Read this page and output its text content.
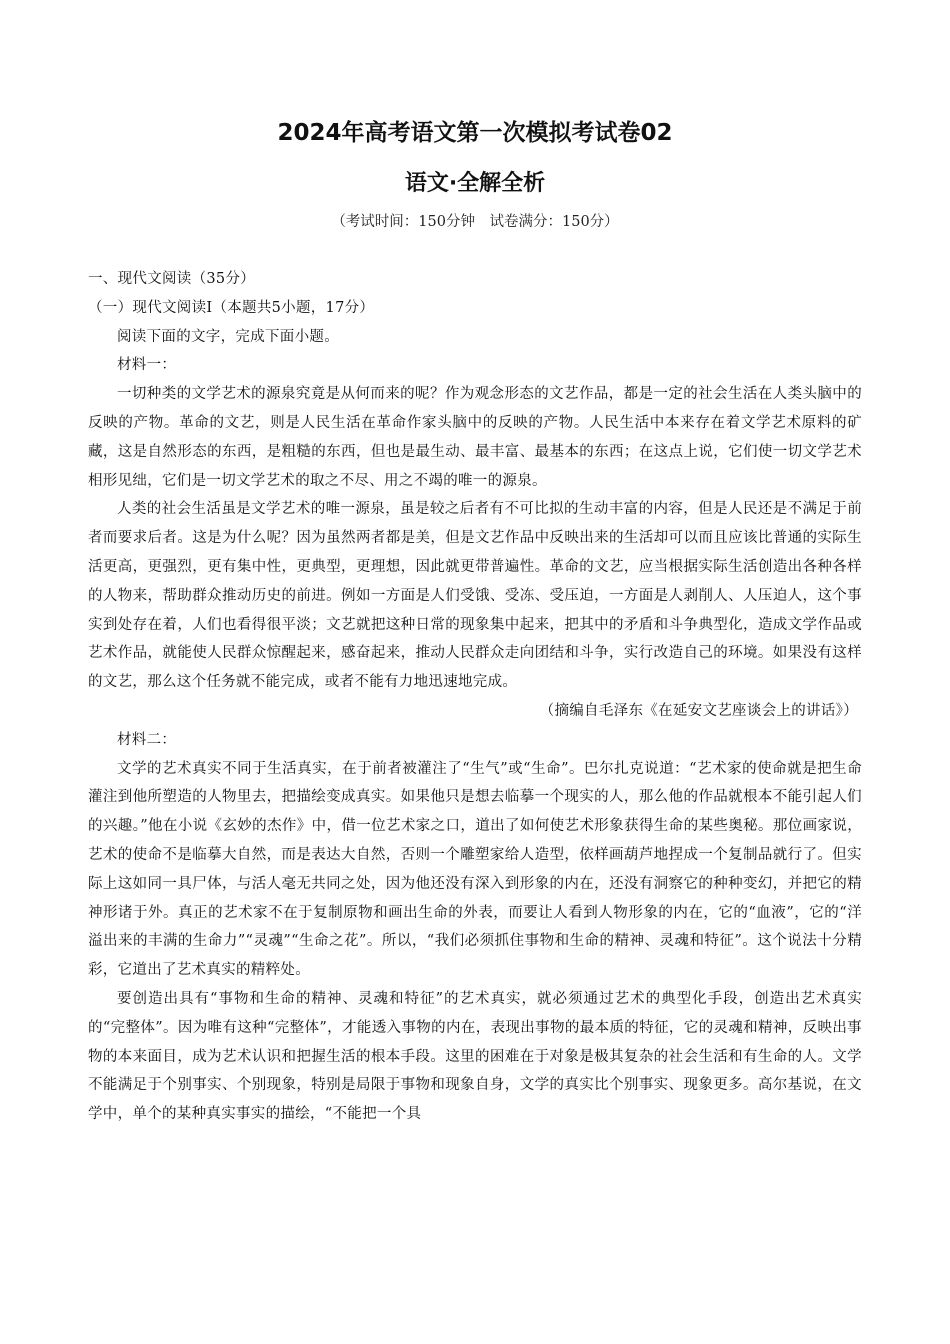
2024年高考语文第一次模拟考试卷02
语文·全解全析
（考试时间：150分钟　试卷满分：150分）

一、现代文阅读（35分）

（一）现代文阅读Ⅰ（本题共5小题，17分）

阅读下面的文字，完成下面小题。

材料一：

一切种类的文学艺术的源泉究竟是从何而来的呢？作为观念形态的文艺作品，都是一定的社会生活在人类头脑中的反映的产物。革命的文艺，则是人民生活在革命作家头脑中的反映的产物。人民生活中本来存在着文学艺术原料的矿藏，这是自然形态的东西，是粗糙的东西，但也是最生动、最丰富、最基本的东西；在这点上说，它们使一切文学艺术相形见绌，它们是一切文学艺术的取之不尽、用之不竭的唯一的源泉。

人类的社会生活虽是文学艺术的唯一源泉，虽是较之后者有不可比拟的生动丰富的内容，但是人民还是不满足于前者而要求后者。这是为什么呢？因为虽然两者都是美，但是文艺作品中反映出来的生活却可以而且应该比普通的实际生活更高，更强烈，更有集中性，更典型，更理想，因此就更带普遍性。革命的文艺，应当根据实际生活创造出各种各样的人物来，帮助群众推动历史的前进。例如一方面是人们受饿、受冻、受压迫，一方面是人剥削人、人压迫人，这个事实到处存在着，人们也看得很平淡；文艺就把这种日常的现象集中起来，把其中的矛盾和斗争典型化，造成文学作品或艺术作品，就能使人民群众惊醒起来，感奋起来，推动人民群众走向团结和斗争，实行改造自己的环境。如果没有这样的文艺，那么这个任务就不能完成，或者不能有力地迅速地完成。

（摘编自毛泽东《在延安文艺座谈会上的讲话》）

材料二：

文学的艺术真实不同于生活真实，在于前者被灌注了“生气”或“生命”。巴尔扎克说道：“艺术家的使命就是把生命灌注到他所塑造的人物里去，把描绘变成真实。如果他只是想去临摹一个现实的人，那么他的作品就根本不能引起人们的兴趣。”他在小说《玄妙的杰作》中，借一位艺术家之口，道出了如何使艺术形象获得生命的某些奥秘。那位画家说，艺术的使命不是临摹大自然，而是表达大自然，否则一个雕塑家给人造型，依样画葫芦地捏成一个复制品就行了。但实际上这如同一具尸体，与活人毫无共同之处，因为他还没有深入到形象的内在，还没有洞察它的种种变幻，并把它的精神形诸于外。真正的艺术家不在于复制原物和画出生命的外表，而要让人看到人物形象的内在，它的“血液”，它的“洋溢出来的丰满的生命力”“灵魂”“生命之花”。所以，“我们必须抓住事物和生命的精神、灵魂和特征”。这个说法十分精彩，它道出了艺术真实的精粹处。

要创造出具有“事物和生命的精神、灵魂和特征”的艺术真实，就必须通过艺术的典型化手段，创造出艺术真实的“完整体”。因为唯有这种“完整体”，才能透入事物的内在，表现出事物的最本质的特征，它的灵魂和精神，反映出事物的本来面目，成为艺术认识和把握生活的根本手段。这里的困难在于对象是极其复杂的社会生活和有生命的人。文学不能满足于个别事实、个别现象，特别是局限于事物和现象自身，文学的真实比个别事实、现象更多。高尔基说，在文学中，单个的某种真实事实的描绘，“不能把一个具
